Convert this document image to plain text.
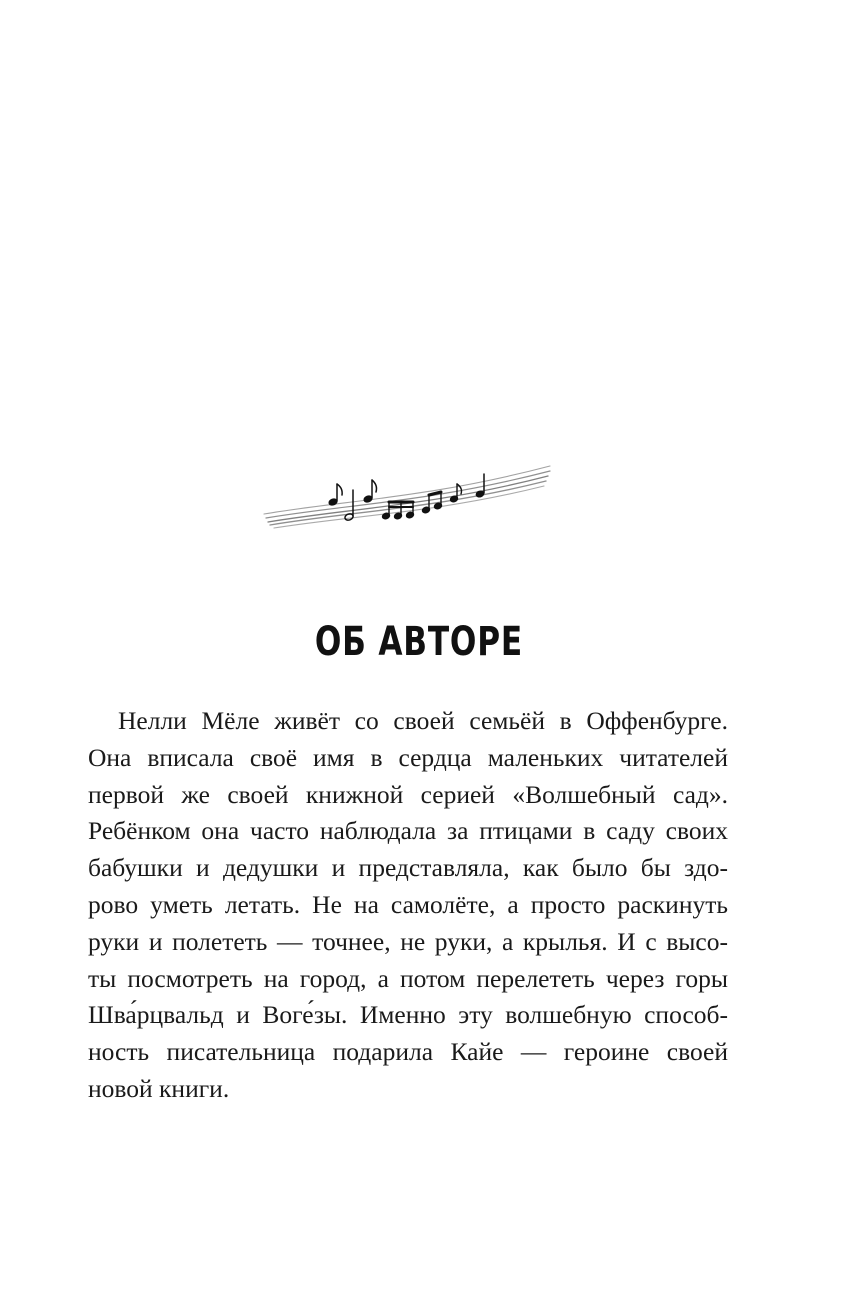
ОБ АВТОРЕ
Нелли Мёле живёт со своей семьёй в Оффенбурге.
Она вписала своё имя в сердца маленьких читателей
первой же своей книжной серией «Волшебный сад».
Ребёнком она часто наблюдала за птицами в саду своих
бабушки и дедушки и представляла, как было бы здо-
рово уметь летать. Не на самолёте, а просто раскинуть
руки и полететь — точнее, не руки, а крылья. И с высо-
ты посмотреть на город, а потом перелететь через горы
Шва́рцвальд и Воге́зы. Именно эту волшебную способ-
ность писательница подарила Кайе — героине своей
новой книги.
